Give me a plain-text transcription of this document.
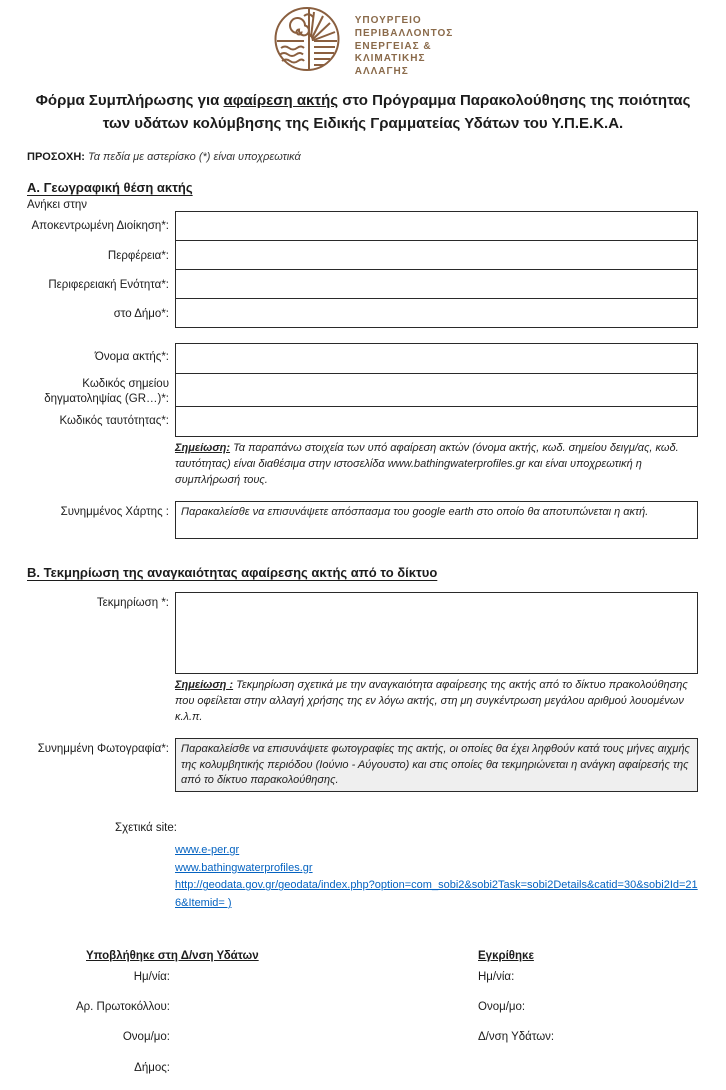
ΥΠΟΥΡΓΕΙΟ
ΠΕΡΙΒΑΛΛΟΝΤΟΣ
ΕΝΕΡΓΕΙΑΣ &
ΚΛΙΜΑΤΙΚΗΣ
ΑΛΛΑΓΗΣ
Φόρμα Συμπλήρωσης για αφαίρεση ακτής στο Πρόγραμμα Παρακολούθησης της ποιότητας των υδάτων κολύμβησης της Ειδικής Γραμματείας Υδάτων του Υ.Π.Ε.Κ.Α.
ΠΡΟΣΟΧΗ: Τα πεδία με αστερίσκο (*) είναι υποχρεωτικά
Α. Γεωγραφική θέση ακτής
Ανήκει στην
Αποκεντρωμένη Διοίκηση*:
Περφέρεια*:
Περιφερειακή Ενότητα*:
στο Δήμο*:
Όνομα ακτής*:
Κωδικός σημείου δηγματοληψίας (GR…)*:
Κωδικός ταυτότητας*:

Σημείωση: Τα παραπάνω στοιχεία των υπό αφαίρεση ακτών (όνομα ακτής, κωδ. σημείου δειγμ/ας, κωδ. ταυτότητας) είναι διαθέσιμα στην ιστοσελίδα www.bathingwaterprofiles.gr και είναι υποχρεωτική η συμπλήρωσή τους.

Συνημμένος Χάρτης :	Παρακαλείσθε να επισυνάψετε απόσπασμα του google earth στο οποίο θα αποτυπώνεται η ακτή.
Β. Τεκμηρίωση της αναγκαιότητας αφαίρεσης ακτής από το δίκτυο
Τεκμηρίωση *:

Σημείωση : Τεκμηρίωση σχετικά με την αναγκαιότητα αφαίρεσης της ακτής από το δίκτυο πρακολούθησης που οφείλεται στην αλλαγή χρήσης της εν λόγω ακτής, στη μη συγκέντρωση μεγάλου αριθμού λουομένων κ.λ.π.

Συνημμένη Φωτογραφία*:	Παρακαλείσθε να επισυνάψετε φωτογραφίες της ακτής, οι οποίες θα έχει ληφθούν κατά τους μήνες αιχμής της κολυμβητικής περιόδου (Ιούνιο - Αύγουστο) και στις οποίες θα τεκμηριώνεται η ανάγκη αφαίρεσής της από το δίκτυο παρακολούθησης.
Σχετικά site:
www.e-per.gr
www.bathingwaterprofiles.gr
http://geodata.gov.gr/geodata/index.php?option=com_sobi2&sobi2Task=sobi2Details&catid=30&sobi2Id=216&Itemid= )
Υποβλήθηκε στη Δ/νση Υδάτων
Ημ/νία:
Αρ. Πρωτοκόλλου:
Ονομ/μο:
Δήμος:
Εγκρίθηκε
Ημ/νία:
Ονομ/μο:
Δ/νση Υδάτων:
